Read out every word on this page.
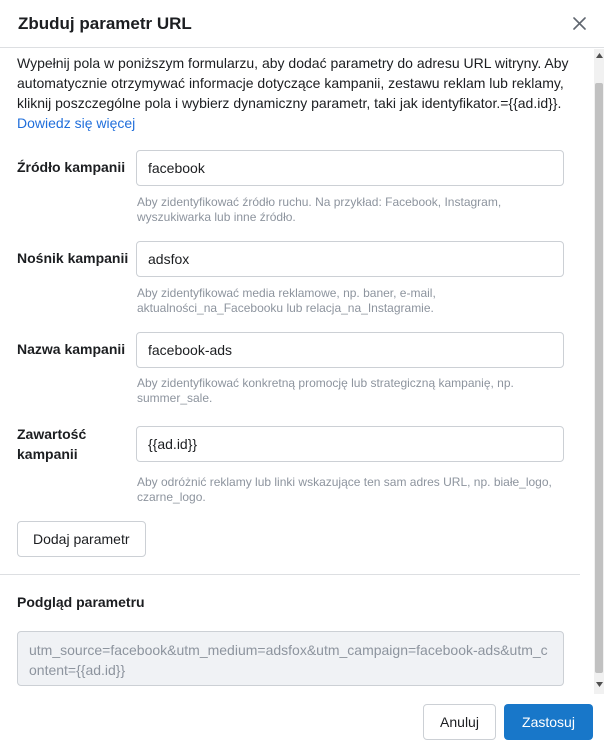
Zbuduj parametr URL
Wypełnij pola w poniższym formularzu, aby dodać parametry do adresu URL witryny. Aby automatycznie otrzymywać informacje dotyczące kampanii, zestawu reklam lub reklamy, kliknij poszczególne pola i wybierz dynamiczny parametr, taki jak identyfikator.={{ad.id}}. Dowiedz się więcej
Źródło kampanii
facebook
Aby zidentyfikować źródło ruchu. Na przykład: Facebook, Instagram, wyszukiwarka lub inne źródło.
Nośnik kampanii
adsfox
Aby zidentyfikować media reklamowe, np. baner, e-mail, aktualności_na_Facebooku lub relacja_na_Instagramie.
Nazwa kampanii
facebook-ads
Aby zidentyfikować konkretną promocję lub strategiczną kampanię, np. summer_sale.
Zawartość kampanii
{{ad.id}}
Aby odróżnić reklamy lub linki wskazujące ten sam adres URL, np. białe_logo, czarne_logo.
Dodaj parametr
Podgląd parametru
utm_source=facebook&utm_medium=adsfox&utm_campaign=facebook-ads&utm_content={{ad.id}}
Anuluj	Zastosuj
